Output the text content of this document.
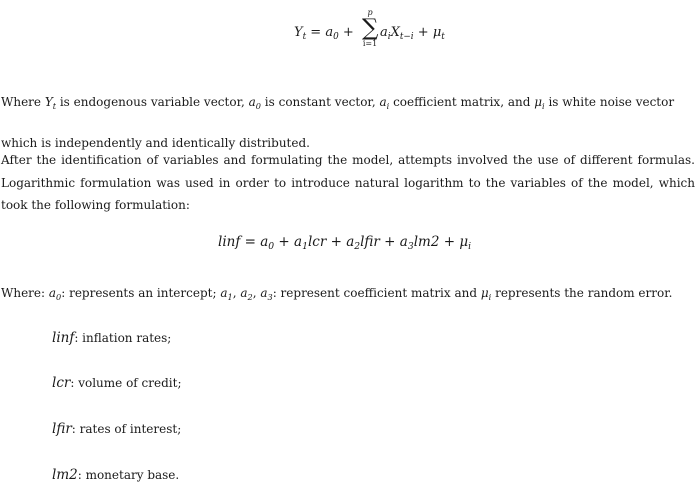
$Y_t = a_0$ +
p
∑
i=1
$a_iX_{t-i} + \mu_t$

Where $Y_t$ is endogenous variable vector, $a_0$ is constant vector, $a_i$ coefficient matrix, and $\mu_i$ is white noise vector
which is independently and identically distributed.

After the identification of variables and formulating the model, attempts involved the use of different formulas. Logarithmic formulation was used in order to introduce natural logarithm to the variables of the model, which took the following formulation:

linf = $a_0 + a_1lcr$ + $a_2lfir + a_3lm2 + \mu_i$

Where: $a_0$: represents an intercept; $a_1$, $a_2$, $a_3$: represent coefficient matrix and $\mu_i$ represents the random error.

linf: inflation rates;
lcr: volume of credit;
lfir: rates of interest;
lm2: monetary base.
